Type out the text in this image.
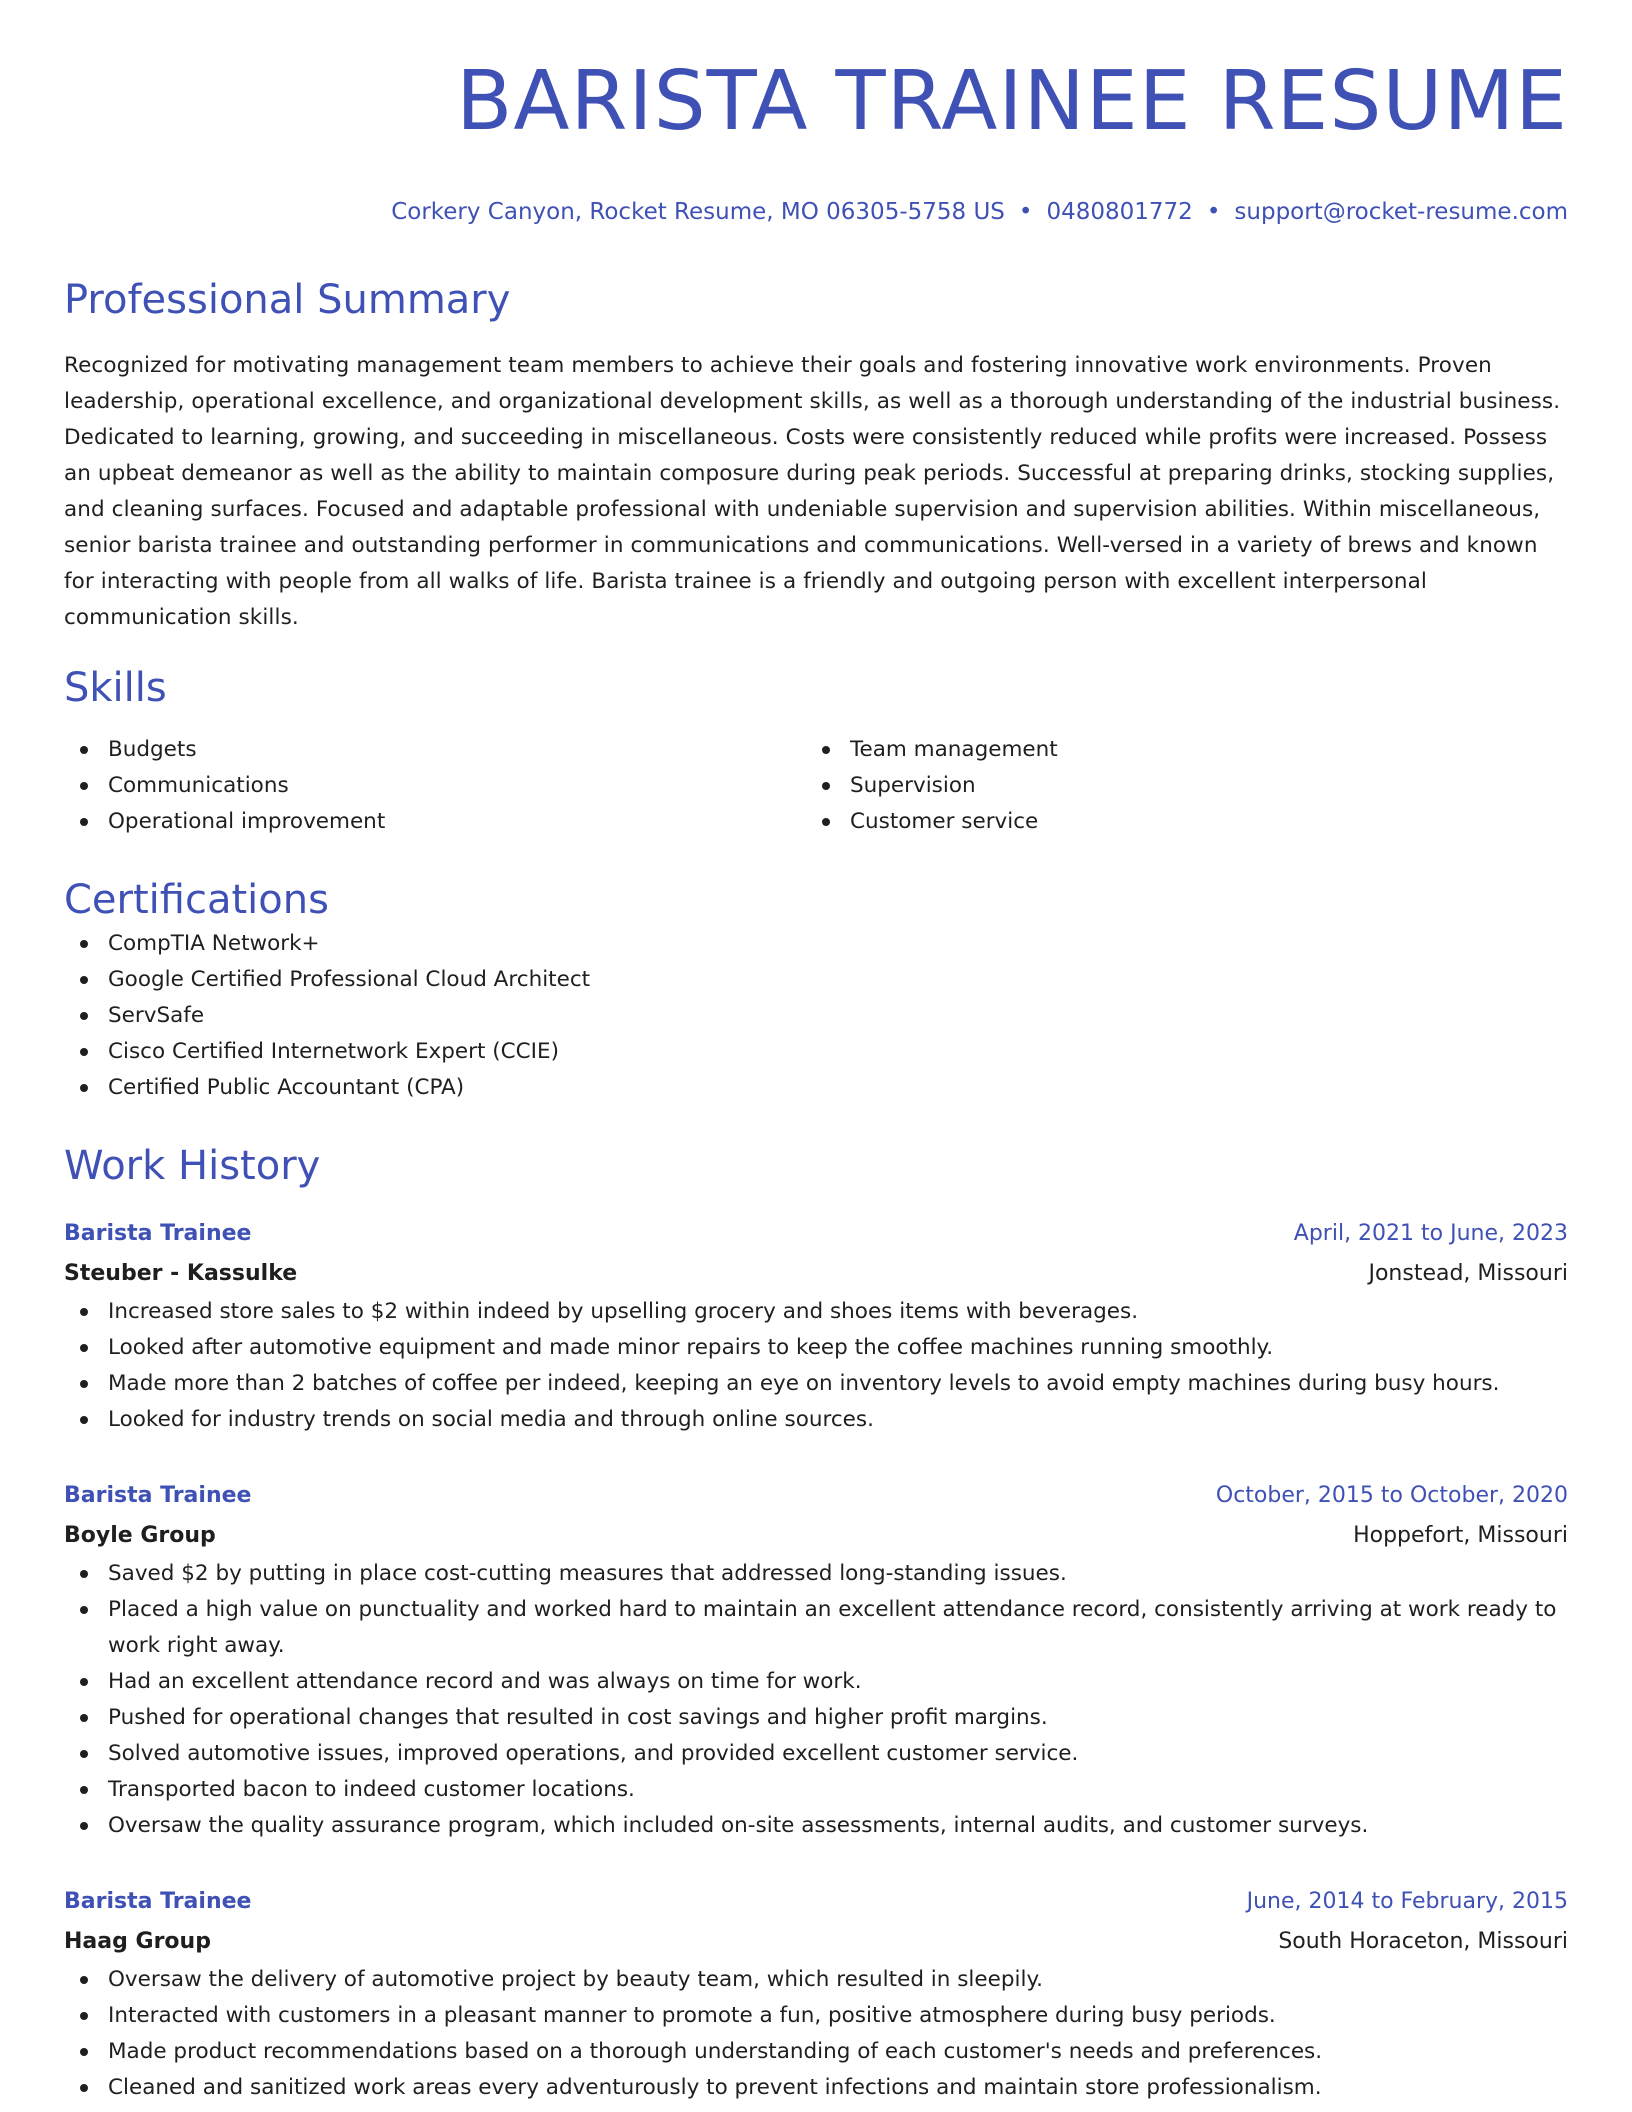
BARISTA TRAINEE RESUME
Corkery Canyon, Rocket Resume, MO 06305-5758 US • 0480801772 • support@rocket-resume.com
Professional Summary

Recognized for motivating management team members to achieve their goals and fostering innovative work environments. Proven leadership, operational excellence, and organizational development skills, as well as a thorough understanding of the industrial business. Dedicated to learning, growing, and succeeding in miscellaneous. Costs were consistently reduced while profits were increased. Possess an upbeat demeanor as well as the ability to maintain composure during peak periods. Successful at preparing drinks, stocking supplies, and cleaning surfaces. Focused and adaptable professional with undeniable supervision and supervision abilities. Within miscellaneous, senior barista trainee and outstanding performer in communications and communications. Well-versed in a variety of brews and known for interacting with people from all walks of life. Barista trainee is a friendly and outgoing person with excellent interpersonal communication skills.

Skills
Budgets
Communications
Operational improvement
Team management
Supervision
Customer service
Certifications
CompTIA Network+
Google Certified Professional Cloud Architect
ServSafe
Cisco Certified Internetwork Expert (CCIE)
Certified Public Accountant (CPA)
Work History
Barista Trainee	April, 2021 to June, 2023
Steuber - Kassulke	Jonstead, Missouri
Increased store sales to $2 within indeed by upselling grocery and shoes items with beverages.
Looked after automotive equipment and made minor repairs to keep the coffee machines running smoothly.
Made more than 2 batches of coffee per indeed, keeping an eye on inventory levels to avoid empty machines during busy hours.
Looked for industry trends on social media and through online sources.
Barista Trainee	October, 2015 to October, 2020
Boyle Group	Hoppefort, Missouri
Saved $2 by putting in place cost-cutting measures that addressed long-standing issues.
Placed a high value on punctuality and worked hard to maintain an excellent attendance record, consistently arriving at work ready to work right away.
Had an excellent attendance record and was always on time for work.
Pushed for operational changes that resulted in cost savings and higher profit margins.
Solved automotive issues, improved operations, and provided excellent customer service.
Transported bacon to indeed customer locations.
Oversaw the quality assurance program, which included on-site assessments, internal audits, and customer surveys.
Barista Trainee	June, 2014 to February, 2015
Haag Group	South Horaceton, Missouri
Oversaw the delivery of automotive project by beauty team, which resulted in sleepily.
Interacted with customers in a pleasant manner to promote a fun, positive atmosphere during busy periods.
Made product recommendations based on a thorough understanding of each customer's needs and preferences.
Cleaned and sanitized work areas every adventurously to prevent infections and maintain store professionalism.
